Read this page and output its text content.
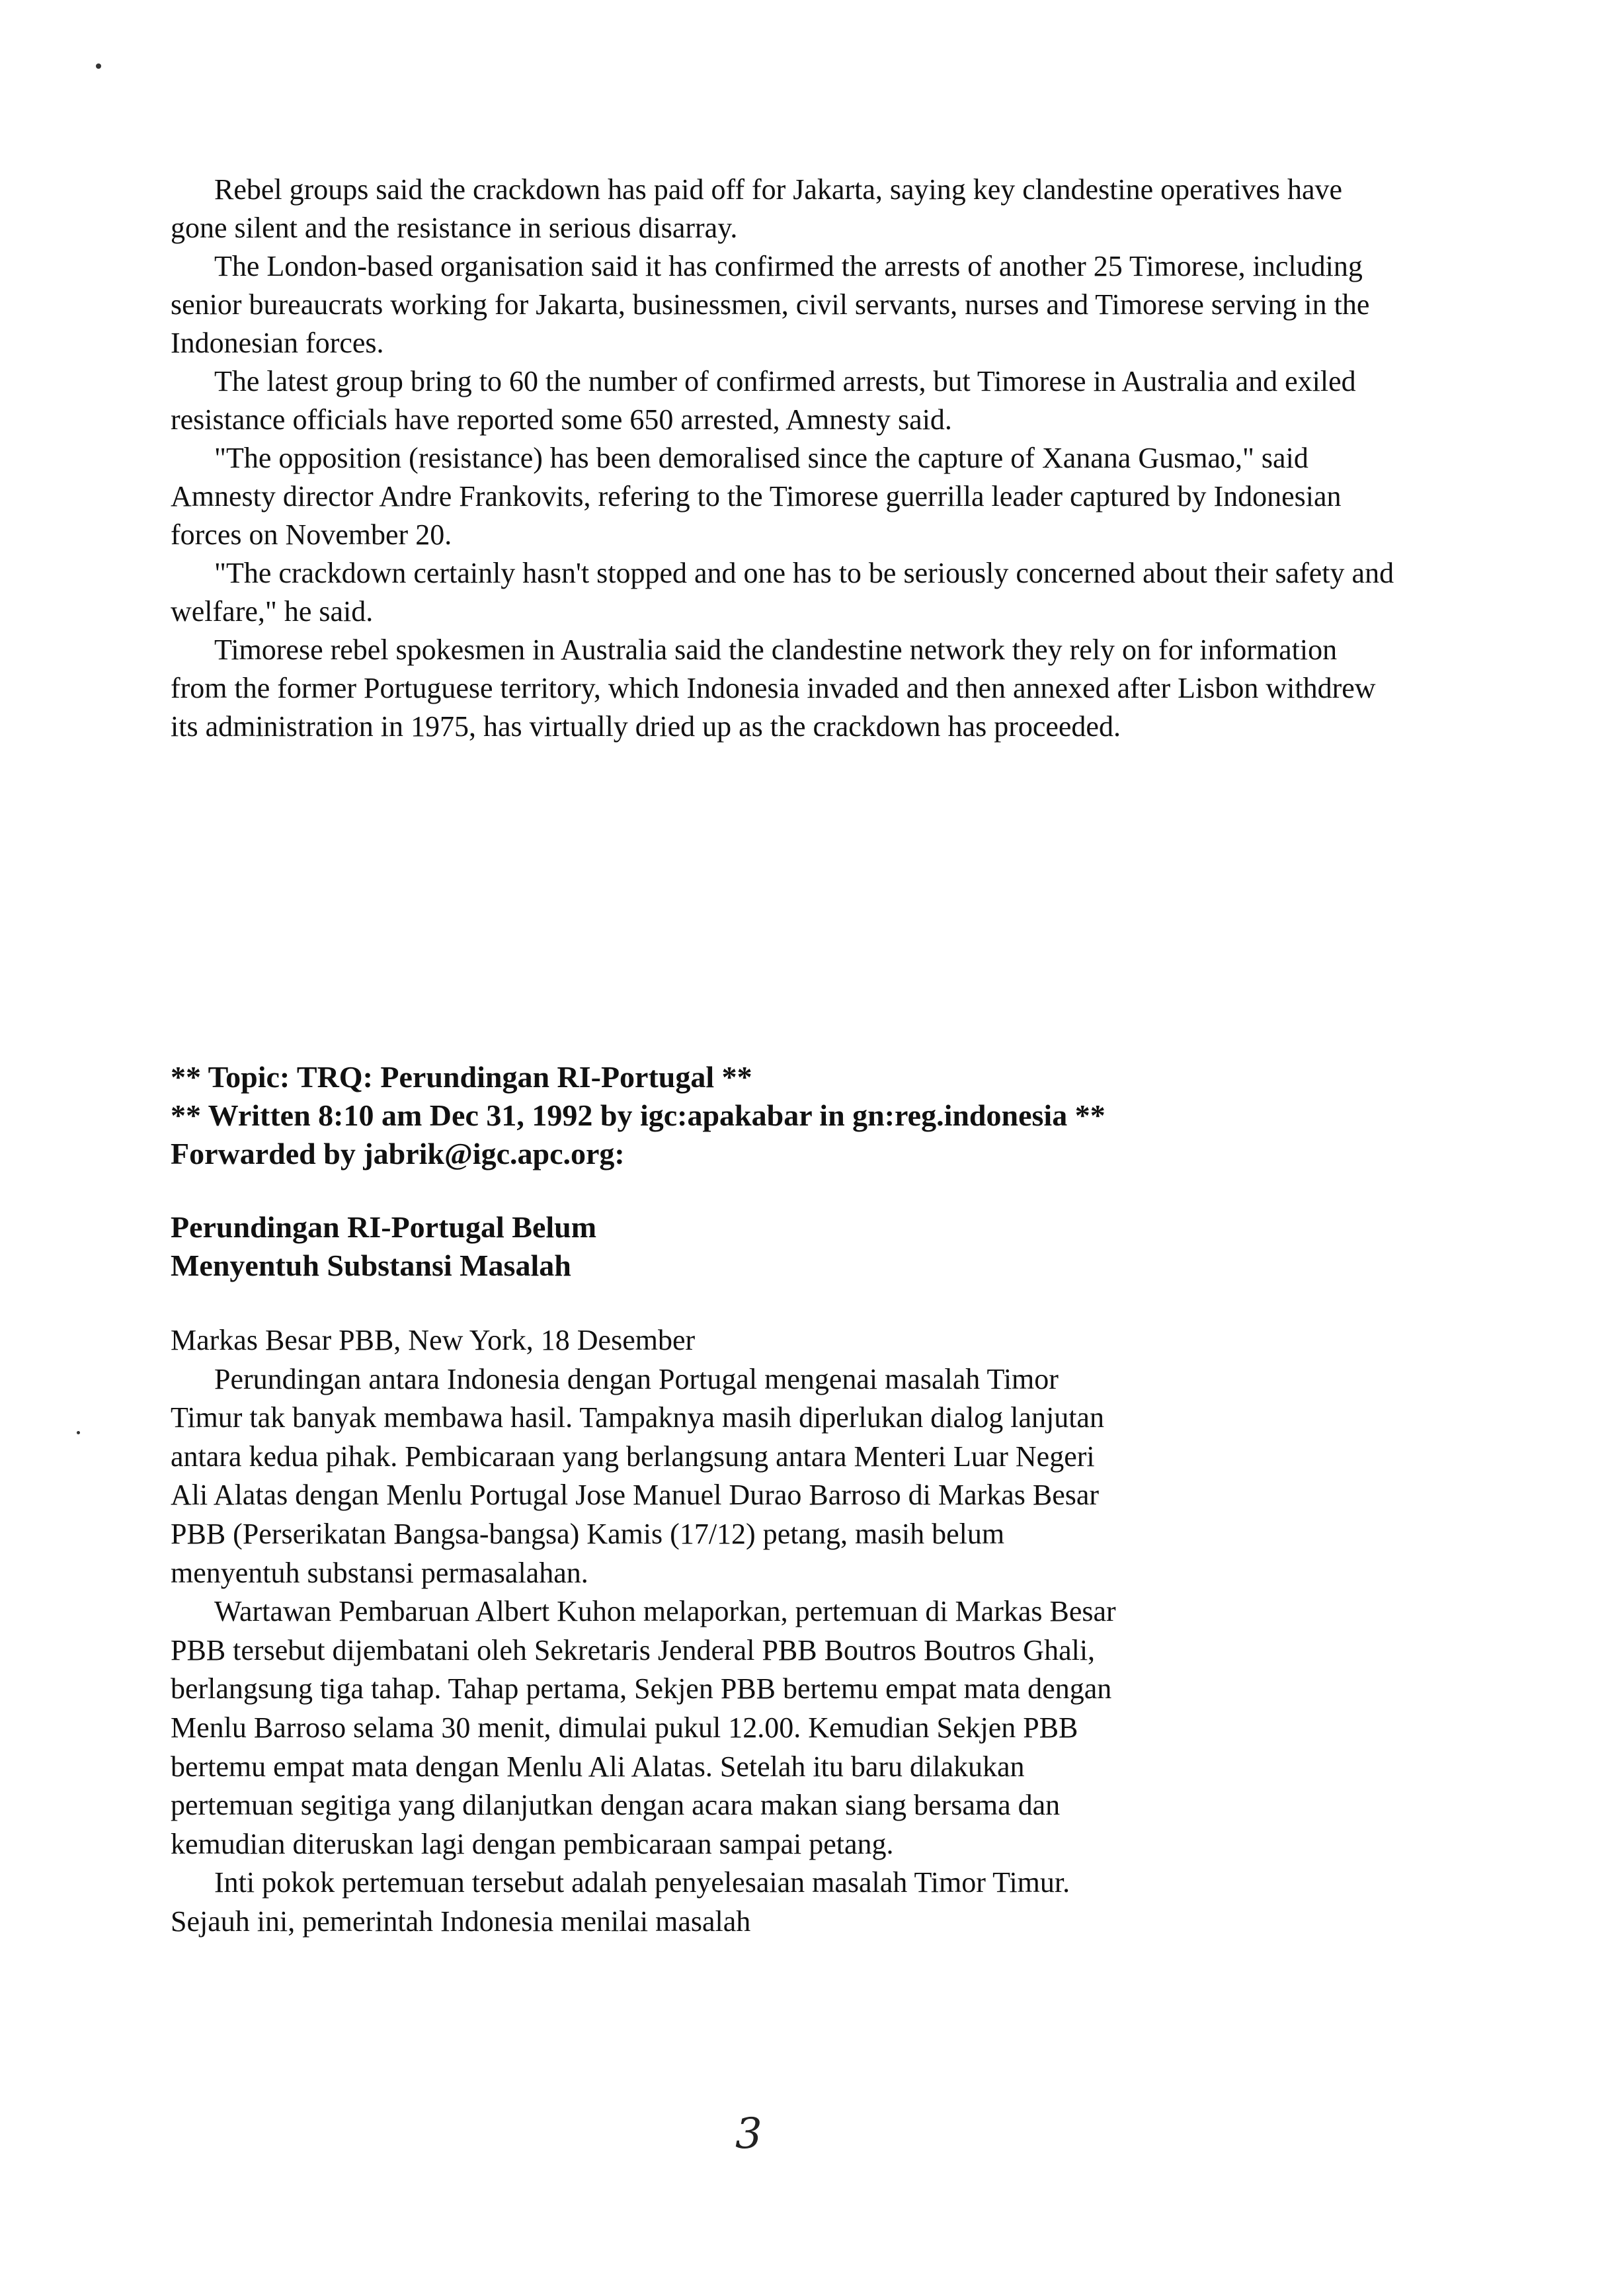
Rebel groups said the crackdown has paid off for Jakarta, saying key clandestine operatives have gone silent and the resistance in serious disarray.

The London-based organisation said it has confirmed the arrests of another 25 Timorese, including senior bureaucrats working for Jakarta, businessmen, civil servants, nurses and Timorese serving in the Indonesian forces.

The latest group bring to 60 the number of confirmed arrests, but Timorese in Australia and exiled resistance officials have reported some 650 arrested, Amnesty said.

"The opposition (resistance) has been demoralised since the capture of Xanana Gusmao," said Amnesty director Andre Frankovits, refering to the Timorese guerrilla leader captured by Indonesian forces on November 20.

"The crackdown certainly hasn't stopped and one has to be seriously concerned about their safety and welfare," he said.

Timorese rebel spokesmen in Australia said the clandestine network they rely on for information from the former Portuguese territory, which Indonesia invaded and then annexed after Lisbon withdrew its administration in 1975, has virtually dried up as the crackdown has proceeded.

** Topic: TRQ: Perundingan RI-Portugal **
** Written 8:10 am Dec 31, 1992 by igc:apakabar in gn:reg.indonesia **
Forwarded by jabrik@igc.apc.org:
Perundingan RI-Portugal Belum
Menyentuh Substansi Masalah

Markas Besar PBB, New York, 18 Desember

Perundingan antara Indonesia dengan Portugal mengenai masalah Timor Timur tak banyak membawa hasil. Tampaknya masih diperlukan dialog lanjutan antara kedua pihak. Pembicaraan yang berlangsung antara Menteri Luar Negeri Ali Alatas dengan Menlu Portugal Jose Manuel Durao Barroso di Markas Besar PBB (Perserikatan Bangsa-bangsa) Kamis (17/12) petang, masih belum menyentuh substansi permasalahan.

Wartawan Pembaruan Albert Kuhon melaporkan, pertemuan di Markas Besar PBB tersebut dijembatani oleh Sekretaris Jenderal PBB Boutros Boutros Ghali, berlangsung tiga tahap. Tahap pertama, Sekjen PBB bertemu empat mata dengan Menlu Barroso selama 30 menit, dimulai pukul 12.00. Kemudian Sekjen PBB bertemu empat mata dengan Menlu Ali Alatas. Setelah itu baru dilakukan pertemuan segitiga yang dilanjutkan dengan acara makan siang bersama dan kemudian diteruskan lagi dengan pembicaraan sampai petang.

Inti pokok pertemuan tersebut adalah penyelesaian masalah Timor Timur. Sejauh ini, pemerintah Indonesia menilai masalah

3
